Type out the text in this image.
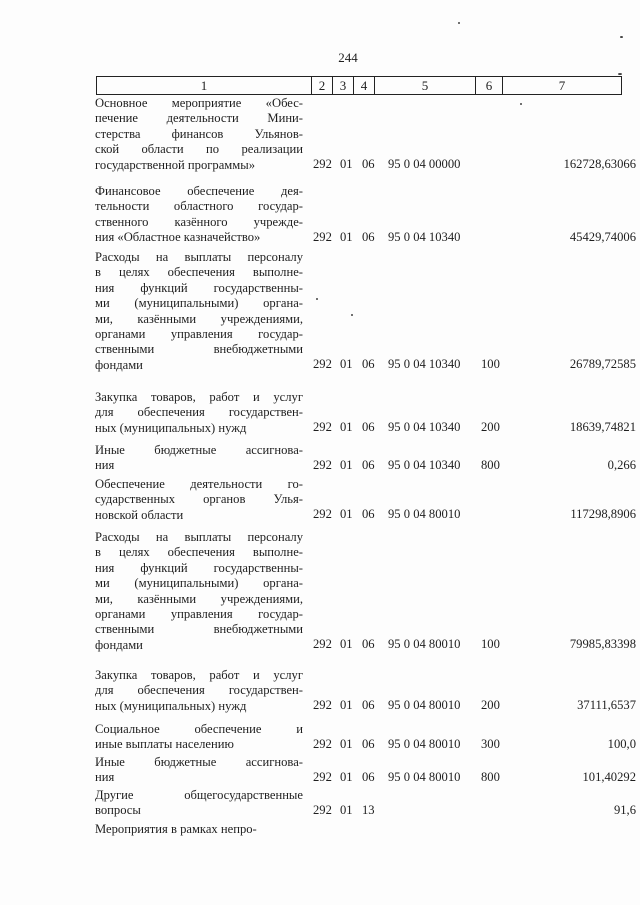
244
1	2	3	4	5	6	7
Основное мероприятие «Обес-
печение деятельности Мини-
стерства финансов Ульянов-
ской области по реализации
государственной программы»	292 01 06 95 0 04 00000	162728,63066
Финансовое обеспечение дея-
тельности областного государ-
ственного казённого учрежде-
ния «Областное казначейство»	292 01 06 95 0 04 10340	45429,74006
Расходы на выплаты персоналу
в целях обеспечения выполне-
ния функций государственны-
ми (муниципальными) органа-
ми, казёнными учреждениями,
органами управления государ-
ственными внебюджетными
фондами	292 01 06 95 0 04 10340 100	26789,72585
Закупка товаров, работ и услуг
для обеспечения государствен-
ных (муниципальных) нужд	292 01 06 95 0 04 10340 200	18639,74821
Иные бюджетные ассигнова-
ния	292 01 06 95 0 04 10340 800	0,266
Обеспечение деятельности го-
сударственных органов Улья-
новской области	292 01 06 95 0 04 80010	117298,8906
Расходы на выплаты персоналу
в целях обеспечения выполне-
ния функций государственны-
ми (муниципальными) органа-
ми, казёнными учреждениями,
органами управления государ-
ственными внебюджетными
фондами	292 01 06 95 0 04 80010 100	79985,83398
Закупка товаров, работ и услуг
для обеспечения государствен-
ных (муниципальных) нужд	292 01 06 95 0 04 80010 200	37111,6537
Социальное обеспечение и
иные выплаты населению	292 01 06 95 0 04 80010 300	100,0
Иные бюджетные ассигнова-
ния	292 01 06 95 0 04 80010 800	101,40292
Другие общегосударственные
вопросы	292 01 13	91,6
Мероприятия в рамках непро-
